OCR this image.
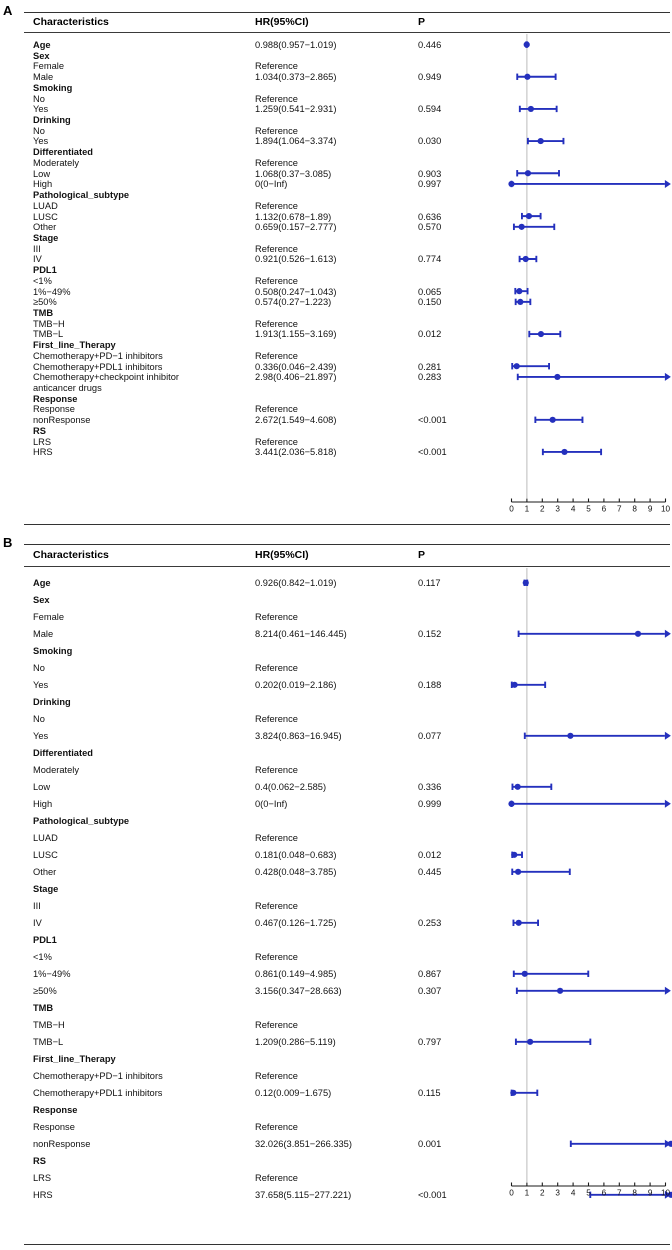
A
Characteristics	HR(95%CI)	P
Age	0.988(0.957−1.019)	0.446
Sex
Female	Reference
Male	1.034(0.373−2.865)	0.949
Smoking
No	Reference
Yes	1.259(0.541−2.931)	0.594
Drinking
No	Reference
Yes	1.894(1.064−3.374)	0.030
Differentiated
Moderately	Reference
Low	1.068(0.37−3.085)	0.903
High	0(0−Inf)	0.997
Pathological_subtype
LUAD	Reference
LUSC	1.132(0.678−1.89)	0.636
Other	0.659(0.157−2.777)	0.570
Stage
III	Reference
IV	0.921(0.526−1.613)	0.774
PDL1
<1%	Reference
1%−49%	0.508(0.247−1.043)	0.065
≥50%	0.574(0.27−1.223)	0.150
TMB
TMB−H	Reference
TMB−L	1.913(1.155−3.169)	0.012
First_line_Therapy
Chemotherapy+PD−1 inhibitors	Reference
Chemotherapy+PDL1 inhibitors	0.336(0.046−2.439)	0.281
Chemotherapy+checkpoint inhibitor	2.98(0.406−21.897)	0.283
anticancer drugs
Response
Response	Reference
nonResponse	2.672(1.549−4.608)	<0.001
RS
LRS	Reference
HRS	3.441(2.036−5.818)	<0.001
0 1 2 3 4 5 6 7 8 9 10
B
Characteristics	HR(95%CI)	P
Age	0.926(0.842−1.019)	0.117
Sex
Female	Reference
Male	8.214(0.461−146.445)	0.152
Smoking
No	Reference
Yes	0.202(0.019−2.186)	0.188
Drinking
No	Reference
Yes	3.824(0.863−16.945)	0.077
Differentiated
Moderately	Reference
Low	0.4(0.062−2.585)	0.336
High	0(0−Inf)	0.999
Pathological_subtype
LUAD	Reference
LUSC	0.181(0.048−0.683)	0.012
Other	0.428(0.048−3.785)	0.445
Stage
III	Reference
IV	0.467(0.126−1.725)	0.253
PDL1
<1%	Reference
1%−49%	0.861(0.149−4.985)	0.867
≥50%	3.156(0.347−28.663)	0.307
TMB
TMB−H	Reference
TMB−L	1.209(0.286−5.119)	0.797
First_line_Therapy
Chemotherapy+PD−1 inhibitors	Reference
Chemotherapy+PDL1 inhibitors	0.12(0.009−1.675)	0.115
Response
Response	Reference
nonResponse	32.026(3.851−266.335)	0.001
RS
LRS	Reference
HRS	37.658(5.115−277.221)	<0.001	0 1 2 3 4 5 6 7 8 9 10
